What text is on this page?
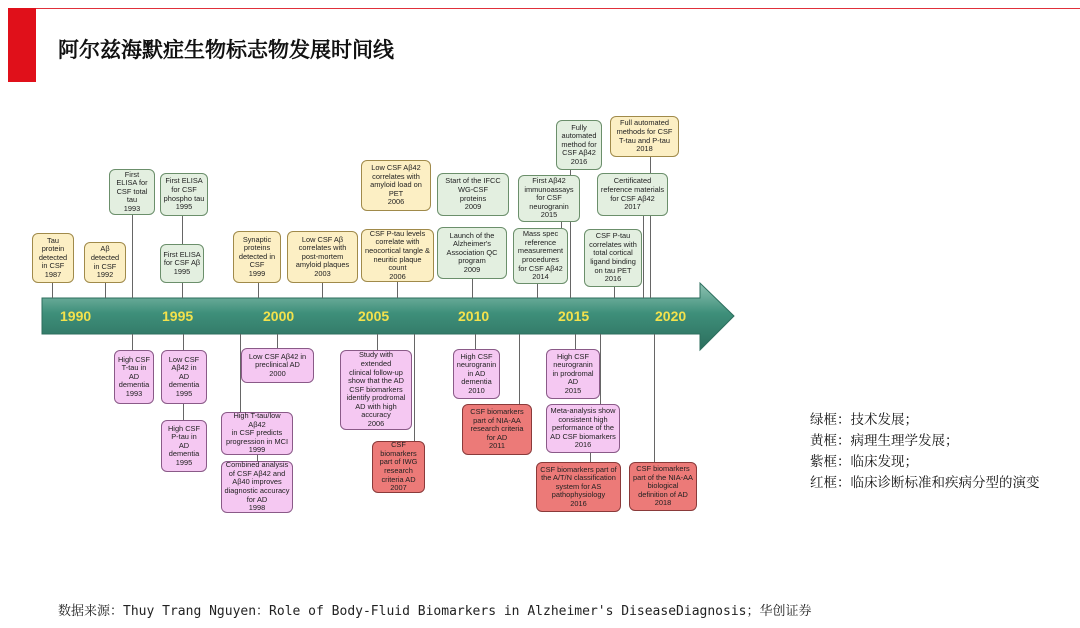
阿尔兹海默症生物标志物发展时间线
1990	1995	2000	2005	2010	2015	2020
First
ELISA for
CSF total
tau
1993
Tau
protein
detected
in CSF
1987
Aβ
detected
in CSF
1992
First ELISA
for CSF
phospho tau
1995
First ELISA
for CSF Aβ
1995
Synaptic
proteins
detected in
CSF
1999
Low CSF Aβ
correlates with
post-mortem
amyloid plaques
2003
Low CSF Aβ42
correlates with
amyloid load on
PET
2006
CSF P-tau levels
correlate with
neocortical tangle &
neuritic plaque count
2006
Start of the IFCC
WG-CSF
proteins
2009
Launch of the
Alzheimer's
Association QC
program
2009
First Aβ42
immunoassays
for CSF
neurogranin
2015
Mass spec
reference
measurement
procedures
for CSF Aβ42
2014
Fully
automated
method for
CSF Aβ42
2016
Full automated
methods for CSF
T-tau and P-tau
2018
Certificated
reference materials
for CSF Aβ42
2017
CSF P-tau
correlates with
total cortical
ligand binding
on tau PET
2016
High CSF
T-tau in
AD
dementia
1993
Low CSF
Aβ42 in
AD
dementia
1995
High CSF
P-tau in
AD
dementia
1995
Low CSF Aβ42 in
preclinical AD
2000
High T-tau/low Aβ42
in CSF predicts
progression in MCI
1999
Combined analysis
of CSF Aβ42 and
Aβ40 improves
diagnostic accuracy
for AD
1998
Study with extended
clinical follow-up
show that the AD
CSF biomarkers
identify prodromal
AD with high
accuracy
2006
CSF
biomarkers
part of IWG
research
criteria AD
2007
High CSF
neurogranin
in AD
dementia
2010
CSF biomarkers
part of NIA-AA
research criteria
for AD
2011
High CSF
neurogranin
in prodromal
AD
2015
Meta-analysis show
consistent high
performance of the
AD CSF biomarkers
2016
CSF biomarkers part of
the A/T/N classification
system for AS
pathophysiology
2016
CSF biomarkers
part of the NIA-AA
biological
definition of AD
2018
绿框：技术发展；
黄框：病理生理学发展；
紫框：临床发现；
红框：临床诊断标准和疾病分型的演变
数据来源：Thuy Trang Nguyen：Role of Body-Fluid Biomarkers in Alzheimer's DiseaseDiagnosis；华创证券
